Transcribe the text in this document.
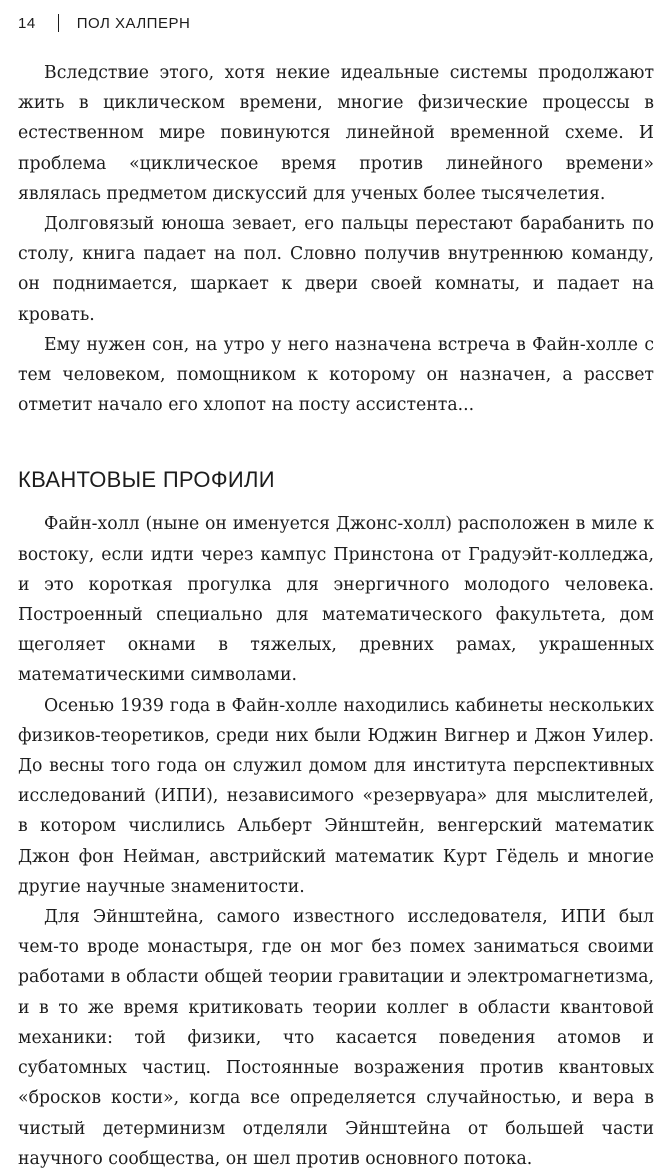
14	ПОЛ ХАЛПЕРН

Вследствие этого, хотя некие идеальные системы продолжают жить в циклическом времени, многие физические процессы в естественном мире повинуются линейной временной схеме. И проблема «циклическое время против линейного времени» являлась предметом дискуссий для ученых более тысячелетия.

Долговязый юноша зевает, его пальцы перестают барабанить по столу, книга падает на пол. Словно получив внутреннюю команду, он поднимается, шаркает к двери своей комнаты, и падает на кровать.

Ему нужен сон, на утро у него назначена встреча в Файн-холле с тем человеком, помощником к которому он назначен, а рассвет отметит начало его хлопот на посту ассистента...

КВАНТОВЫЕ ПРОФИЛИ

Файн-холл (ныне он именуется Джонс-холл) расположен в миле к востоку, если идти через кампус Принстона от Градуэйт-колледжа, и это короткая прогулка для энергичного молодого человека. Построенный специально для математического факультета, дом щеголяет окнами в тяжелых, древних рамах, украшенных математическими символами.

Осенью 1939 года в Файн-холле находились кабинеты нескольких физиков-теоретиков, среди них были Юджин Вигнер и Джон Уилер. До весны того года он служил домом для института перспективных исследований (ИПИ), независимого «резервуара» для мыслителей, в котором числились Альберт Эйнштейн, венгерский математик Джон фон Нейман, австрийский математик Курт Гёдель и многие другие научные знаменитости.

Для Эйнштейна, самого известного исследователя, ИПИ был чем-то вроде монастыря, где он мог без помех заниматься своими работами в области общей теории гравитации и электромагнетизма, и в то же время критиковать теории коллег в области квантовой механики: той физики, что касается поведения атомов и субатомных частиц. Постоянные возражения против квантовых «бросков кости», когда все определяется случайностью, и вера в чистый детерминизм отделяли Эйнштейна от большей части научного сообщества, он шел против основного потока.
